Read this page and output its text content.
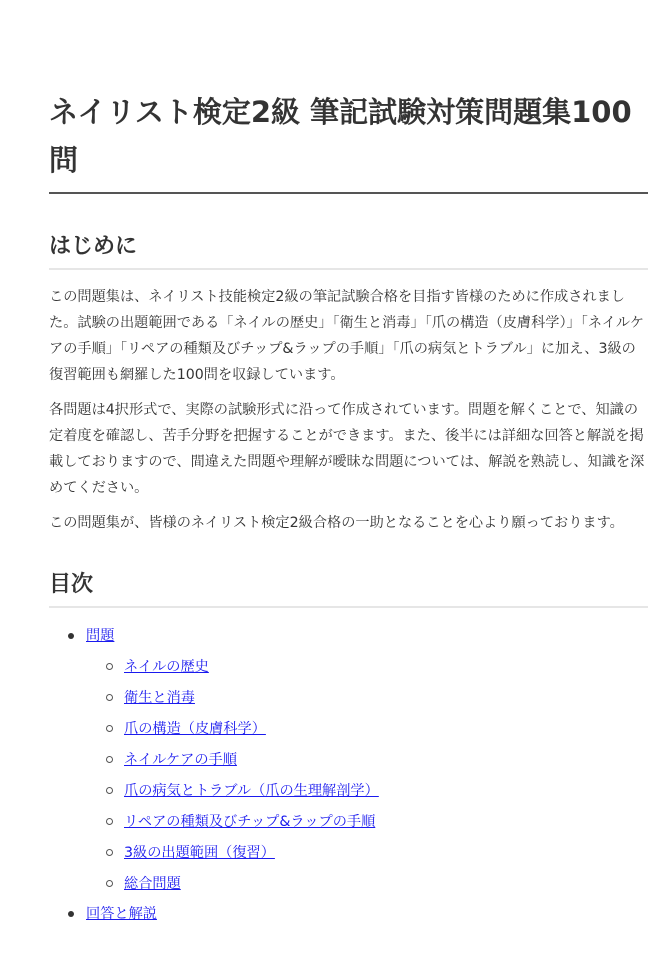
ネイリスト検定2級 筆記試験対策問題集100問
はじめに

この問題集は、ネイリスト技能検定2級の筆記試験合格を目指す皆様のために作成されました。試験の出題範囲である「ネイルの歴史」「衛生と消毒」「爪の構造（皮膚科学）」「ネイルケアの手順」「リペアの種類及びチップ&ラップの手順」「爪の病気とトラブル」に加え、3級の復習範囲も網羅した100問を収録しています。

各問題は4択形式で、実際の試験形式に沿って作成されています。問題を解くことで、知識の定着度を確認し、苦手分野を把握することができます。また、後半には詳細な回答と解説を掲載しておりますので、間違えた問題や理解が曖昧な問題については、解説を熟読し、知識を深めてください。

この問題集が、皆様のネイリスト検定2級合格の一助となることを心より願っております。

目次
問題
ネイルの歴史
衛生と消毒
爪の構造（皮膚科学）
ネイルケアの手順
爪の病気とトラブル（爪の生理解剖学）
リペアの種類及びチップ&ラップの手順
3級の出題範囲（復習）
総合問題
回答と解説
